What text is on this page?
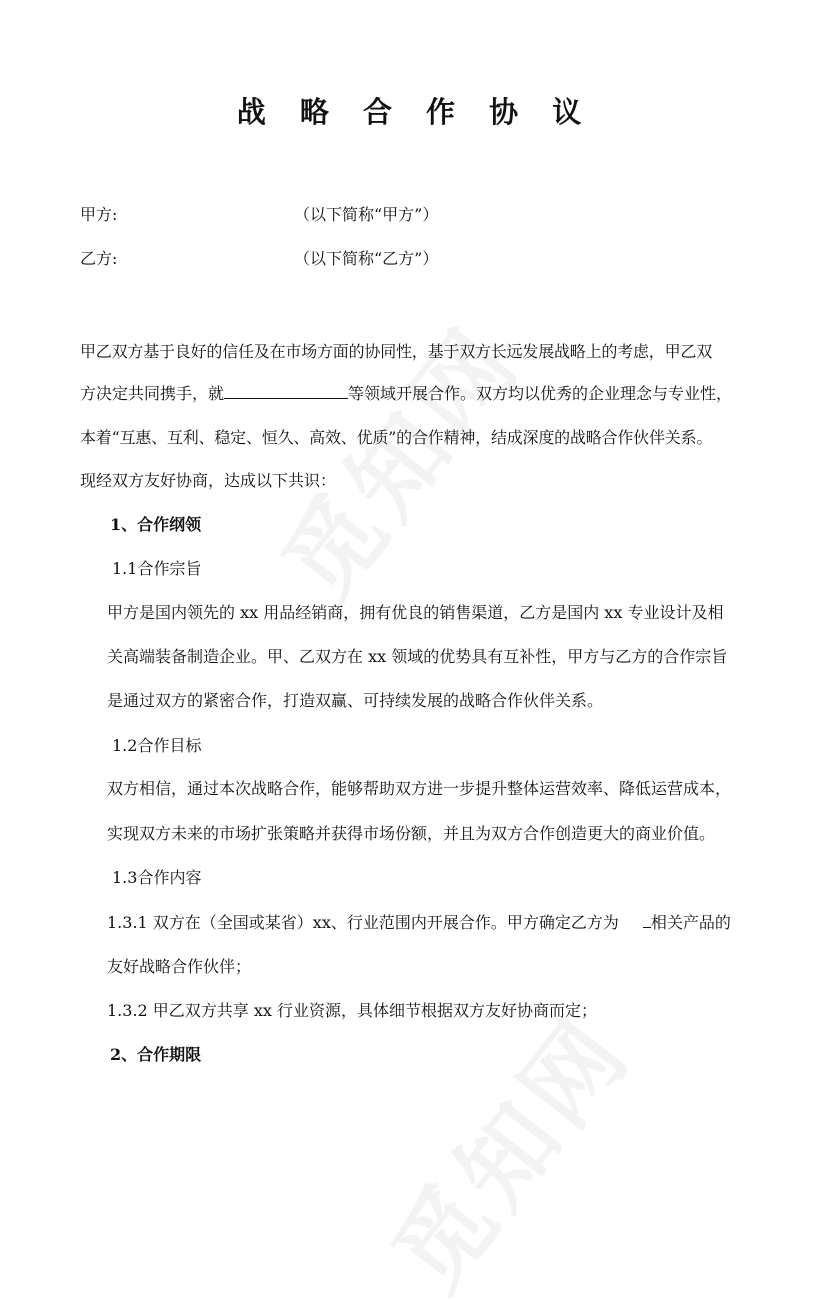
战 略 合 作 协 议
甲方:	（以下简称“甲方”）
乙方:	（以下简称“乙方”）
甲乙双方基于良好的信任及在市场方面的协同性，基于双方长远发展战略上的考虑，甲乙双
方决定共同携手，就	等领域开展合作。双方均以优秀的企业理念与专业性，
本着“互惠、互利、稳定、恒久、高效、优质”的合作精神，结成深度的战略合作伙伴关系。
现经双方友好协商，达成以下共识：
1、合作纲领
1.1合作宗旨
甲方是国内领先的 xx 用品经销商，拥有优良的销售渠道，乙方是国内 xx 专业设计及相
关高端装备制造企业。甲、乙双方在 xx 领域的优势具有互补性，甲方与乙方的合作宗旨
是通过双方的紧密合作，打造双赢、可持续发展的战略合作伙伴关系。
1.2合作目标
双方相信，通过本次战略合作，能够帮助双方进一步提升整体运营效率、降低运营成本，
实现双方未来的市场扩张策略并获得市场份额，并且为双方合作创造更大的商业价值。
1.3合作内容
1.3.1 双方在（全国或某省）xx、行业范围内开展合作。甲方确定乙方为 相关产品的
友好战略合作伙伴；
1.3.2 甲乙双方共享 xx 行业资源，具体细节根据双方友好协商而定；
2、合作期限
